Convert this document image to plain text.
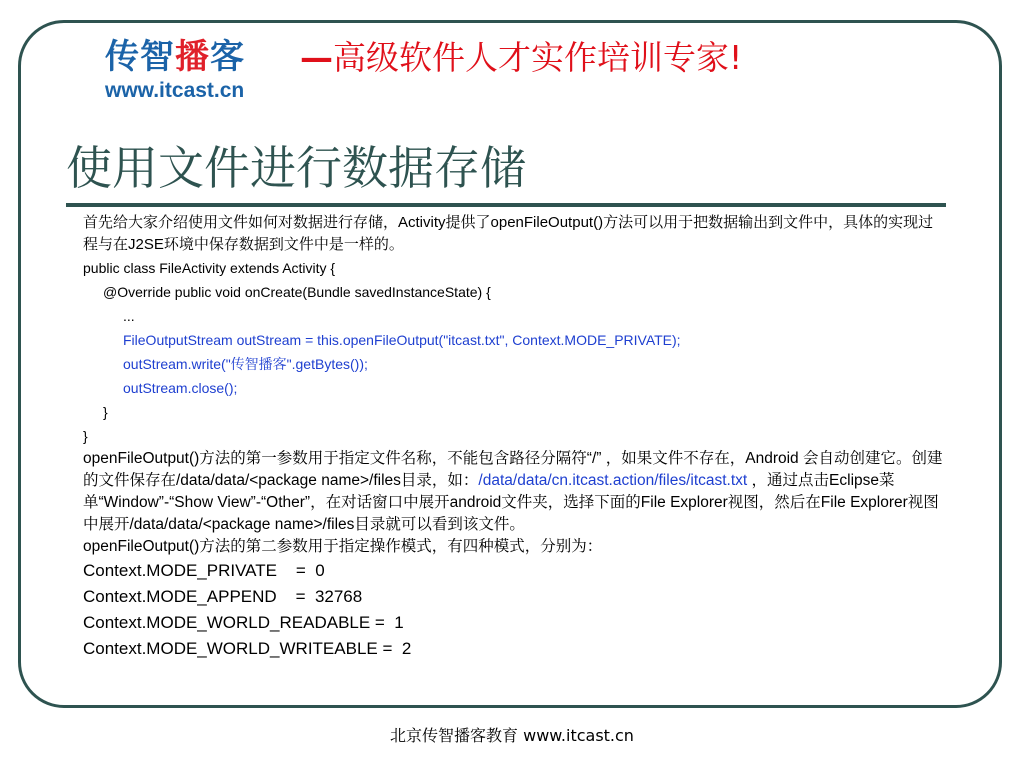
传智播客
www.itcast.cn
—高级软件人才实作培训专家!
使用文件进行数据存储

首先给大家介绍使用文件如何对数据进行存储，Activity提供了openFileOutput()方法可以用于把数据输出到文件中，具体的实现过程与在J2SE环境中保存数据到文件中是一样的。

public class FileActivity extends Activity {
@Override public void onCreate(Bundle savedInstanceState) {
...
FileOutputStream outStream = this.openFileOutput("itcast.txt", Context.MODE_PRIVATE);
outStream.write("传智播客".getBytes());
outStream.close();
}
}

openFileOutput()方法的第一参数用于指定文件名称，不能包含路径分隔符“/” ，如果文件不存在，Android 会自动创建它。创建的文件保存在/data/data/<package name>/files目录，如：/data/data/cn.itcast.action/files/itcast.txt ，通过点击Eclipse菜单“Window”-“Show View”-“Other”，在对话窗口中展开android文件夹，选择下面的File Explorer视图，然后在File Explorer视图中展开/data/data/<package name>/files目录就可以看到该文件。

openFileOutput()方法的第二参数用于指定操作模式，有四种模式，分别为：

Context.MODE_PRIVATE    =  0
Context.MODE_APPEND    =  32768
Context.MODE_WORLD_READABLE =  1
Context.MODE_WORLD_WRITEABLE =  2
北京传智播客教育 www.itcast.cn
